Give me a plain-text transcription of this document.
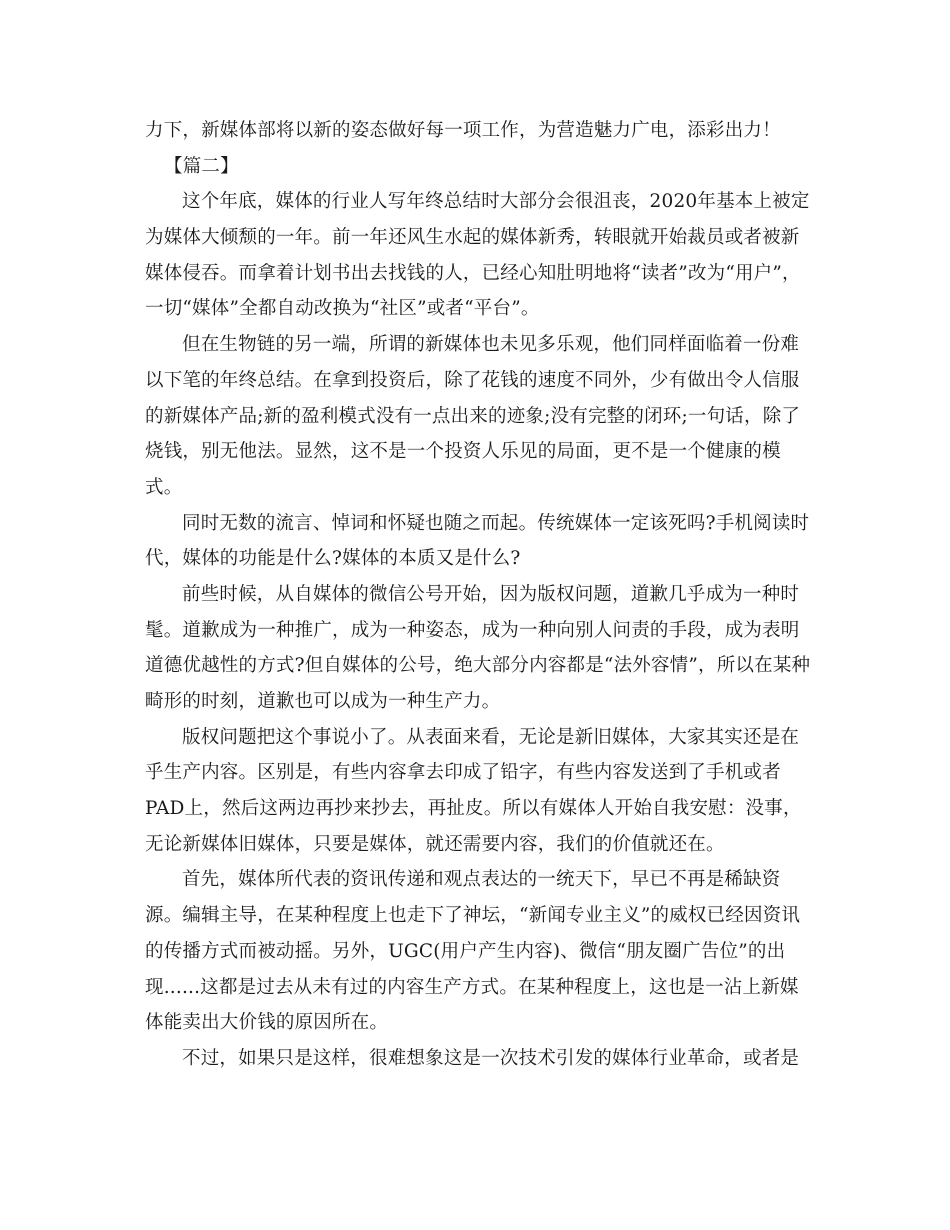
力下，新媒体部将以新的姿态做好每一项工作，为营造魅力广电，添彩出力！
【篇二】
这个年底，媒体的行业人写年终总结时大部分会很沮丧，2020年基本上被定
为媒体大倾颓的一年。前一年还风生水起的媒体新秀，转眼就开始裁员或者被新
媒体侵吞。而拿着计划书出去找钱的人，已经心知肚明地将“读者”改为“用户”，
一切“媒体”全都自动改换为“社区”或者“平台”。
但在生物链的另一端，所谓的新媒体也未见多乐观，他们同样面临着一份难
以下笔的年终总结。在拿到投资后，除了花钱的速度不同外，少有做出令人信服
的新媒体产品;新的盈利模式没有一点出来的迹象;没有完整的闭环;一句话，除了
烧钱，别无他法。显然，这不是一个投资人乐见的局面，更不是一个健康的模
式。
同时无数的流言、悼词和怀疑也随之而起。传统媒体一定该死吗?手机阅读时
代，媒体的功能是什么?媒体的本质又是什么?
前些时候，从自媒体的微信公号开始，因为版权问题，道歉几乎成为一种时
髦。道歉成为一种推广，成为一种姿态，成为一种向别人问责的手段，成为表明
道德优越性的方式?但自媒体的公号，绝大部分内容都是“法外容情”，所以在某种
畸形的时刻，道歉也可以成为一种生产力。
版权问题把这个事说小了。从表面来看，无论是新旧媒体，大家其实还是在
乎生产内容。区别是，有些内容拿去印成了铅字，有些内容发送到了手机或者
PAD上，然后这两边再抄来抄去，再扯皮。所以有媒体人开始自我安慰：没事，
无论新媒体旧媒体，只要是媒体，就还需要内容，我们的价值就还在。
首先，媒体所代表的资讯传递和观点表达的一统天下，早已不再是稀缺资
源。编辑主导，在某种程度上也走下了神坛，“新闻专业主义”的威权已经因资讯
的传播方式而被动摇。另外，UGC(用户产生内容)、微信“朋友圈广告位”的出
现......这都是过去从未有过的内容生产方式。在某种程度上，这也是一沾上新媒
体能卖出大价钱的原因所在。
不过，如果只是这样，很难想象这是一次技术引发的媒体行业革命，或者是
